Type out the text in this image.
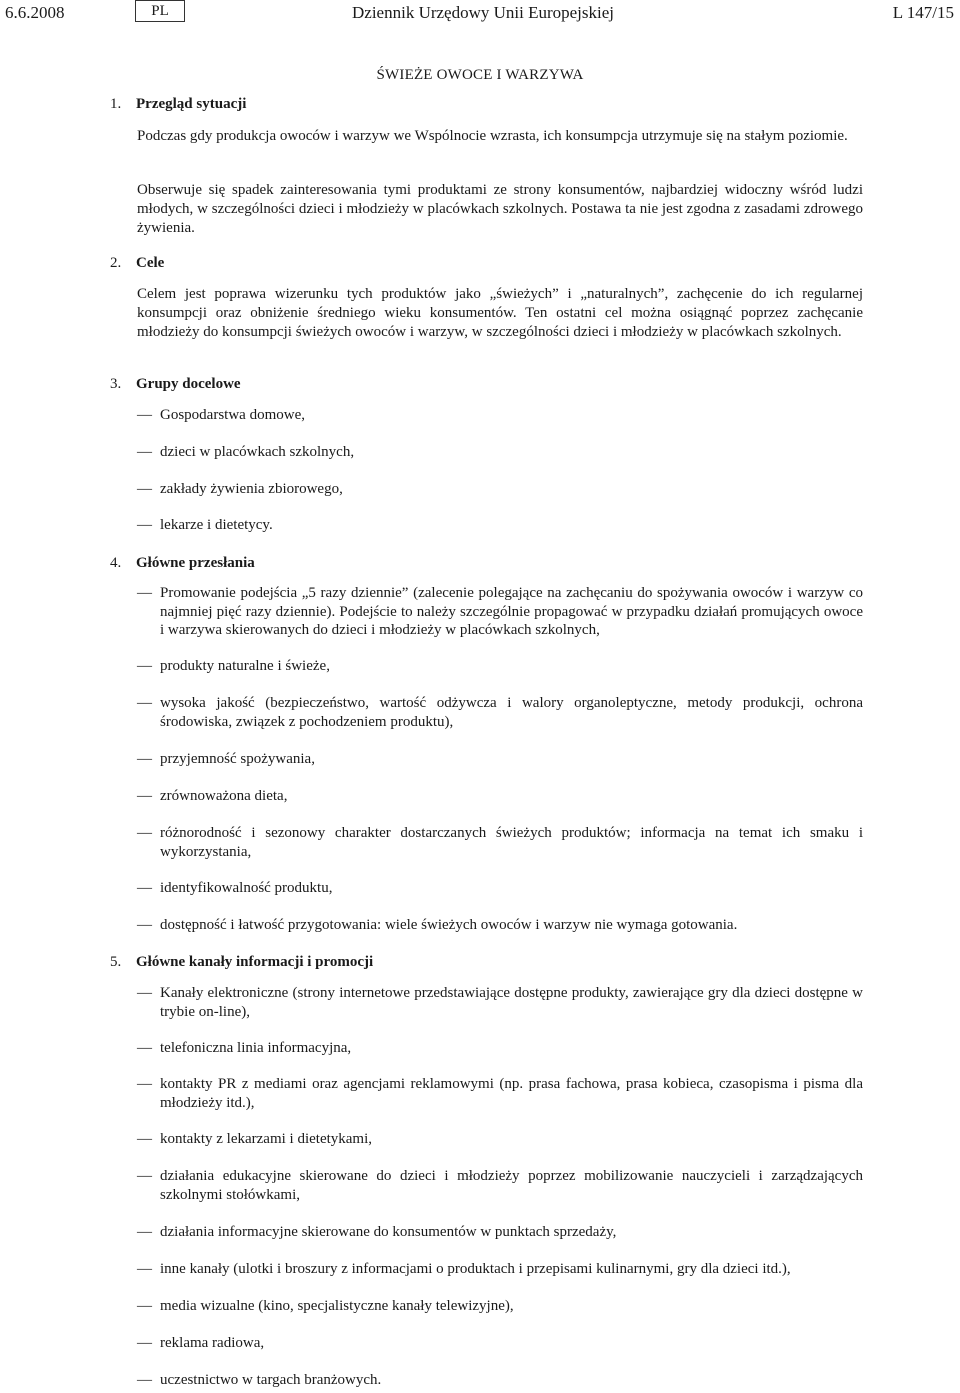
6.6.2008	PL	Dziennik Urzędowy Unii Europejskiej	L 147/15
ŚWIEŻE OWOCE I WARZYWA
1. Przegląd sytuacji
Podczas gdy produkcja owoców i warzyw we Wspólnocie wzrasta, ich konsumpcja utrzymuje się na stałym poziomie.
Obserwuje się spadek zainteresowania tymi produktami ze strony konsumentów, najbardziej widoczny wśród ludzi młodych, w szczególności dzieci i młodzieży w placówkach szkolnych. Postawa ta nie jest zgodna z zasadami zdrowego żywienia.
2. Cele
Celem jest poprawa wizerunku tych produktów jako „świeżych” i „naturalnych”, zachęcenie do ich regularnej konsumpcji oraz obniżenie średniego wieku konsumentów. Ten ostatni cel można osiągnąć poprzez zachęcanie młodzieży do konsumpcji świeżych owoców i warzyw, w szczególności dzieci i młodzieży w placówkach szkolnych.
3. Grupy docelowe
— Gospodarstwa domowe,
— dzieci w placówkach szkolnych,
— zakłady żywienia zbiorowego,
— lekarze i dietetycy.
4. Główne przesłania
— Promowanie podejścia „5 razy dziennie” (zalecenie polegające na zachęcaniu do spożywania owoców i warzyw co najmniej pięć razy dziennie). Podejście to należy szczególnie propagować w przypadku działań promujących owoce i warzywa skierowanych do dzieci i młodzieży w placówkach szkolnych,
— produkty naturalne i świeże,
— wysoka jakość (bezpieczeństwo, wartość odżywcza i walory organoleptyczne, metody produkcji, ochrona środowiska, związek z pochodzeniem produktu),
— przyjemność spożywania,
— zrównoważona dieta,
— różnorodność i sezonowy charakter dostarczanych świeżych produktów; informacja na temat ich smaku i wykorzystania,
— identyfikowalność produktu,
— dostępność i łatwość przygotowania: wiele świeżych owoców i warzyw nie wymaga gotowania.
5. Główne kanały informacji i promocji
— Kanały elektroniczne (strony internetowe przedstawiające dostępne produkty, zawierające gry dla dzieci dostępne w trybie on-line),
— telefoniczna linia informacyjna,
— kontakty PR z mediami oraz agencjami reklamowymi (np. prasa fachowa, prasa kobieca, czasopisma i pisma dla młodzieży itd.),
— kontakty z lekarzami i dietetykami,
— działania edukacyjne skierowane do dzieci i młodzieży poprzez mobilizowanie nauczycieli i zarządzających szkolnymi stołówkami,
— działania informacyjne skierowane do konsumentów w punktach sprzedaży,
— inne kanały (ulotki i broszury z informacjami o produktach i przepisami kulinarnymi, gry dla dzieci itd.),
— media wizualne (kino, specjalistyczne kanały telewizyjne),
— reklama radiowa,
— uczestnictwo w targach branżowych.
